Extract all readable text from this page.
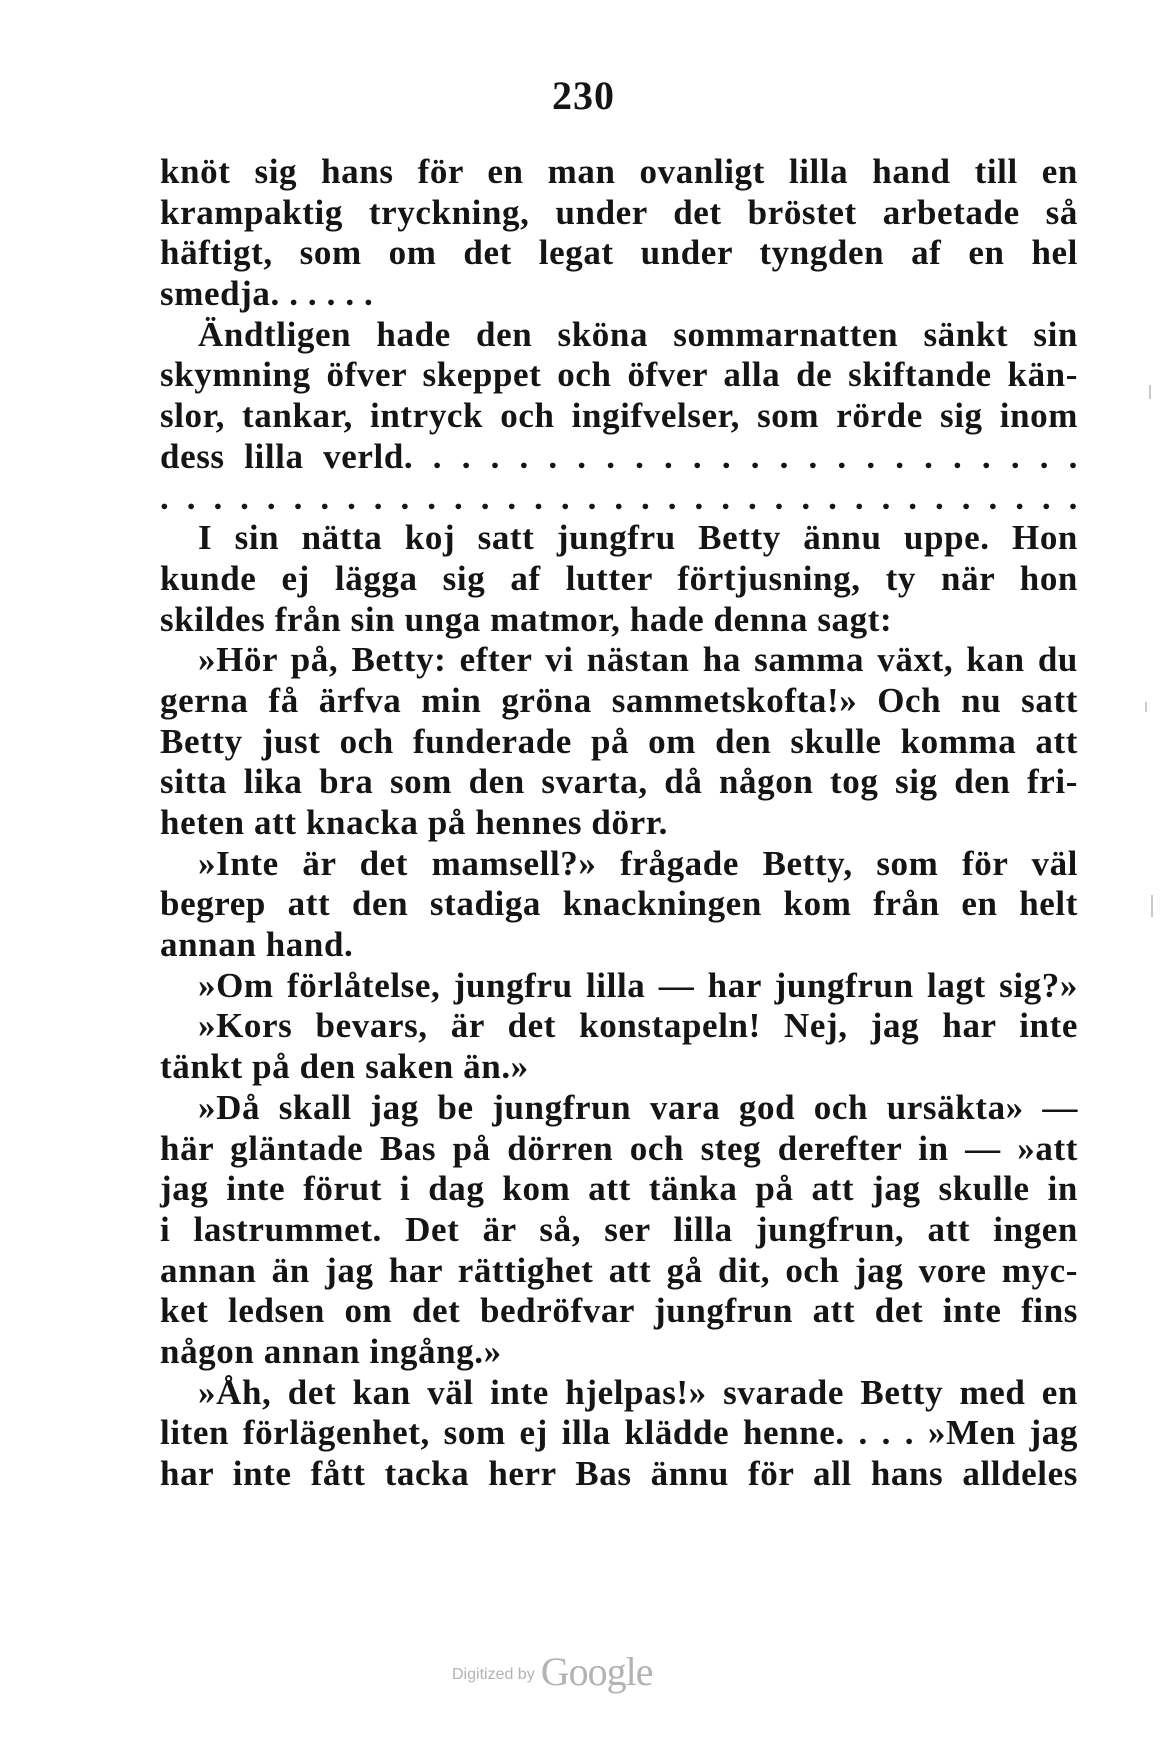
230
knöt sig hans för en man ovanligt lilla hand till en
krampaktig tryckning, under det bröstet arbetade så
häftigt, som om det legat under tyngden af en hel
smedja. . . . . .
Ändtligen hade den sköna sommarnatten sänkt sin
skymning öfver skeppet och öfver alla de skiftande kän-
slor, tankar, intryck och ingifvelser, som rörde sig inom
dess lilla verld. . . . . . . . . . . . . . . . . . . . . . . .
. . . . . . . . . . . . . . . . . . . . . . . . . . . . . . . . . . .
I sin nätta koj satt jungfru Betty ännu uppe. Hon
kunde ej lägga sig af lutter förtjusning, ty när hon
skildes från sin unga matmor, hade denna sagt:
»Hör på, Betty: efter vi nästan ha samma växt, kan du
gerna få ärfva min gröna sammetskofta!» Och nu satt
Betty just och funderade på om den skulle komma att
sitta lika bra som den svarta, då någon tog sig den fri-
heten att knacka på hennes dörr.
»Inte är det mamsell?» frågade Betty, som för väl
begrep att den stadiga knackningen kom från en helt
annan hand.
»Om förlåtelse, jungfru lilla — har jungfrun lagt sig?»
»Kors bevars, är det konstapeln! Nej, jag har inte
tänkt på den saken än.»
»Då skall jag be jungfrun vara god och ursäkta» —
här gläntade Bas på dörren och steg derefter in — »att
jag inte förut i dag kom att tänka på att jag skulle in
i lastrummet. Det är så, ser lilla jungfrun, att ingen
annan än jag har rättighet att gå dit, och jag vore myc-
ket ledsen om det bedröfvar jungfrun att det inte fins
någon annan ingång.»
»Åh, det kan väl inte hjelpas!» svarade Betty med en
liten förlägenhet, som ej illa klädde henne. . . . »Men jag
har inte fått tacka herr Bas ännu för all hans alldeles
Digitized by Google
